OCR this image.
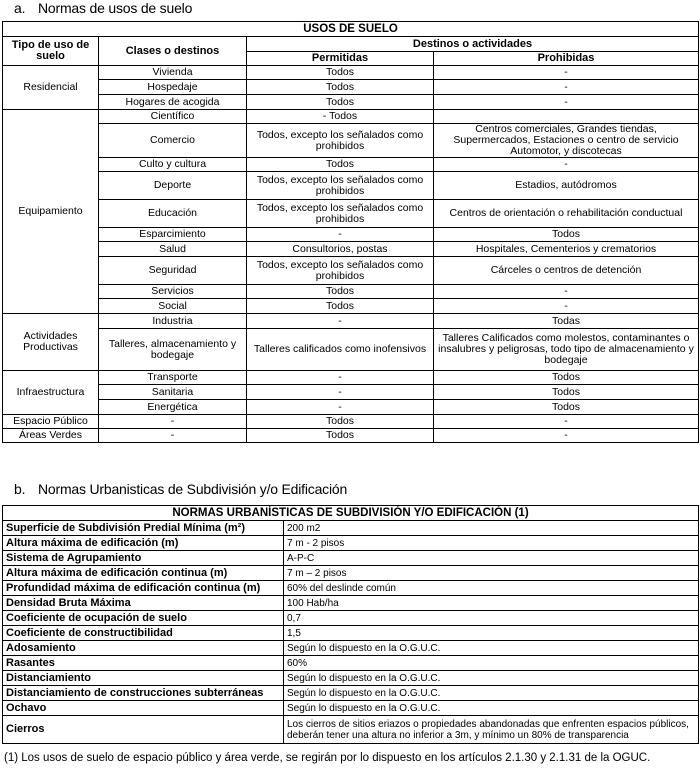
a. Normas de usos de suelo
USOS DE SUELO			
Tipo de uso de suelo	Clases o destinos	Destinos o actividades	
		Permitidas	Prohibidas
Residencial	Vivienda	Todos	-
	Hospedaje	Todos	-
	Hogares de acogida	Todos	-
Equipamiento	Científico	- Todos	
	Comercio	Todos, excepto los señalados como prohibidos	Centros comerciales, Grandes tiendas, Supermercados, Estaciones o centro de servicio Automotor, y discotecas
	Culto y cultura	Todos	-
	Deporte	Todos, excepto los señalados como prohibidos	Estadios, autódromos
	Educación	Todos, excepto los señalados como prohibidos	Centros de orientación o rehabilitación conductual
	Esparcimiento	-	Todos
	Salud	Consultorios, postas	Hospitales, Cementerios y crematorios
	Seguridad	Todos, excepto los señalados como prohibidos	Cárceles o centros de detención
	Servicios	Todos	-
	Social	Todos	-
Actividades Productivas	Industria	-	Todas
	Talleres, almacenamiento y bodegaje	Talleres calificados como inofensivos	Talleres Calificados como molestos, contaminantes o insalubres y peligrosas, todo tipo de almacenamiento y bodegaje
Infraestructura	Transporte	-	Todos
	Sanitaria	-	Todos
	Energética	-	Todos
Espacio Público	-	Todos	-
Áreas Verdes	-	Todos	-
b. Normas Urbanisticas de Subdivisión y/o Edificación
NORMAS URBANÍSTICAS DE SUBDIVISIÓN Y/O EDIFICACIÓN (1)	
Superficie de Subdivisión Predial Mínima (m²)	200 m2
Altura máxima de edificación (m)	7 m - 2 pisos
Sistema de Agrupamiento	A-P-C
Altura máxima de edificación continua (m)	7 m – 2 pisos
Profundidad máxima de edificación continua (m)	60% del deslinde común
Densidad Bruta Máxima	100 Hab/ha
Coeficiente de ocupación de suelo	0,7
Coeficiente de constructibilidad	1,5
Adosamiento	Según lo dispuesto en la O.G.U.C.
Rasantes	60%
Distanciamiento	Según lo dispuesto en la O.G.U.C.
Distanciamiento de construcciones subterráneas	Según lo dispuesto en la O.G.U.C.
Ochavo	Según lo dispuesto en la O.G.U.C.
Cierros	Los cierros de sitios eriazos o propiedades abandonadas que enfrenten espacios públicos, deberán tener una altura no inferior a 3m, y mínimo un 80% de transparencia
(1) Los usos de suelo de espacio público y área verde, se regirán por lo dispuesto en los artículos 2.1.30 y 2.1.31 de la OGUC.
